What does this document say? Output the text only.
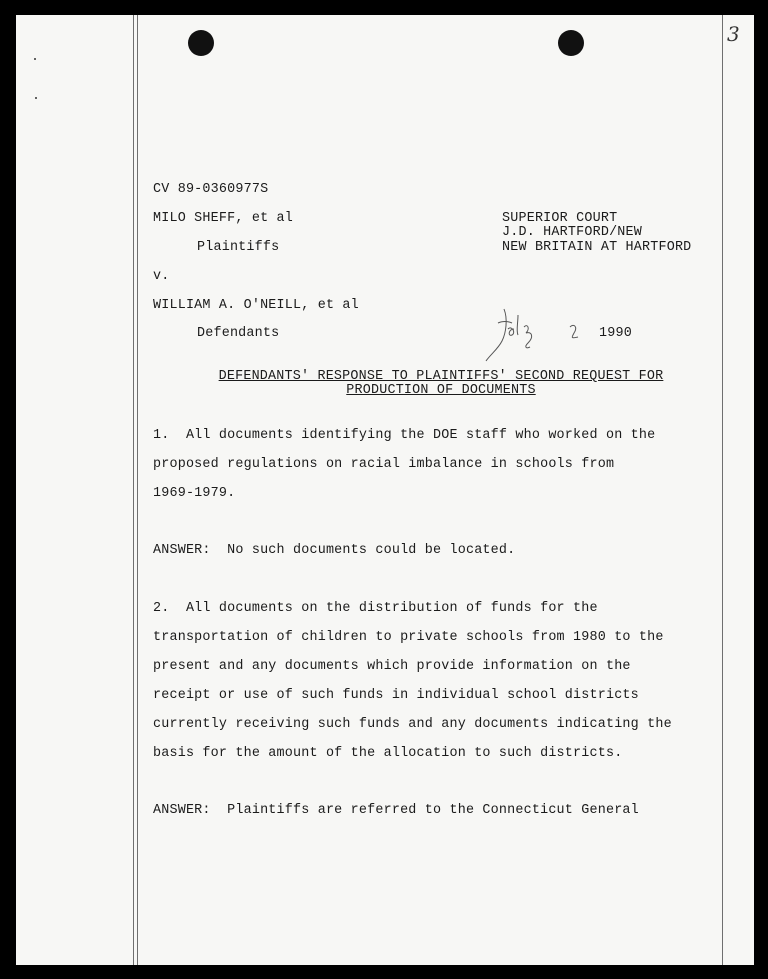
3
CV 89-0360977S
MILO SHEFF, et al
Plaintiffs
v.
WILLIAM A. O'NEILL, et al
Defendants
SUPERIOR COURT
J.D. HARTFORD/NEW
NEW BRITAIN AT HARTFORD
1990
DEFENDANTS' RESPONSE TO PLAINTIFFS' SECOND REQUEST FOR
PRODUCTION OF DOCUMENTS
1.  All documents identifying the DOE staff who worked on the
proposed regulations on racial imbalance in schools from
1969-1979.
ANSWER:  No such documents could be located.
2.  All documents on the distribution of funds for the
transportation of children to private schools from 1980 to the
present and any documents which provide information on the
receipt or use of such funds in individual school districts
currently receiving such funds and any documents indicating the
basis for the amount of the allocation to such districts.
ANSWER:  Plaintiffs are referred to the Connecticut General
